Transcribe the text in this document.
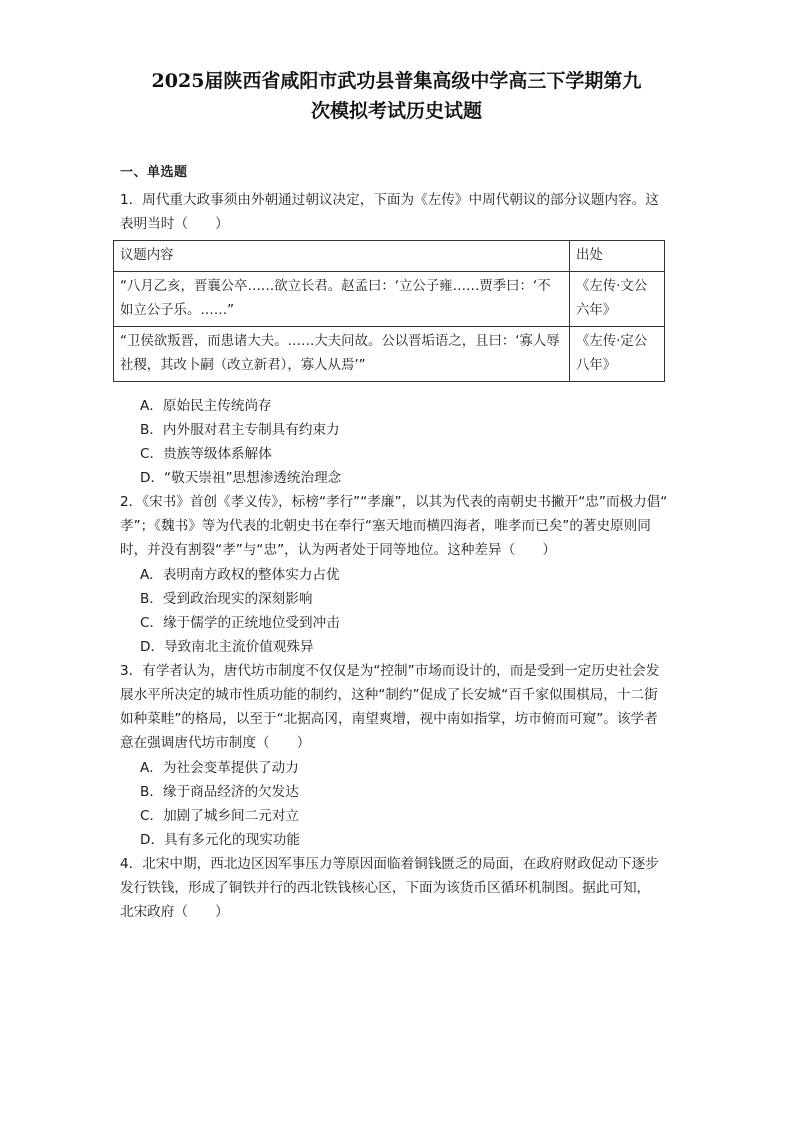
2025届陕西省咸阳市武功县普集高级中学高三下学期第九
次模拟考试历史试题
一、单选题
1．周代重大政事须由外朝通过朝议决定，下面为《左传》中周代朝议的部分议题内容。这
表明当时（　　）
议题内容	出处
“八月乙亥，晋襄公卒……欲立长君。赵孟曰：‘立公子雍……贾季曰：‘不如立公子乐。……”	《左传·文公六年》
“卫侯欲叛晋，而患诸大夫。……大夫问故。公以晋垢语之，且曰：‘寡人辱社稷，其改卜嗣（改立新君），寡人从焉’”	《左传·定公八年》
A．原始民主传统尚存
B．内外服对君主专制具有约束力
C．贵族等级体系解体
D．“敬天崇祖”思想渗透统治理念
2．《宋书》首创《孝义传》，标榜“孝行”“孝廉”，以其为代表的南朝史书撇开“忠”而极力倡“
孝”；《魏书》等为代表的北朝史书在奉行“塞天地而横四海者，唯孝而已矣”的著史原则同
时，并没有割裂“孝”与“忠”，认为两者处于同等地位。这种差异（　　）
A．表明南方政权的整体实力占优
B．受到政治现实的深刻影响
C．缘于儒学的正统地位受到冲击
D．导致南北主流价值观殊异
3．有学者认为，唐代坊市制度不仅仅是为“控制”市场而设计的，而是受到一定历史社会发
展水平所决定的城市性质功能的制约，这种“制约”促成了长安城“百千家似围棋局，十二街
如种菜畦”的格局，以至于“北据高冈，南望爽增，视中南如指掌，坊市俯而可窥”。该学者
意在强调唐代坊市制度（　　）
A．为社会变革提供了动力
B．缘于商品经济的欠发达
C．加剧了城乡间二元对立
D．具有多元化的现实功能
4．北宋中期，西北边区因军事压力等原因面临着铜钱匮乏的局面，在政府财政促动下逐步
发行铁钱，形成了铜铁并行的西北铁钱核心区，下面为该货币区循环机制图。据此可知，
北宋政府（　　）
